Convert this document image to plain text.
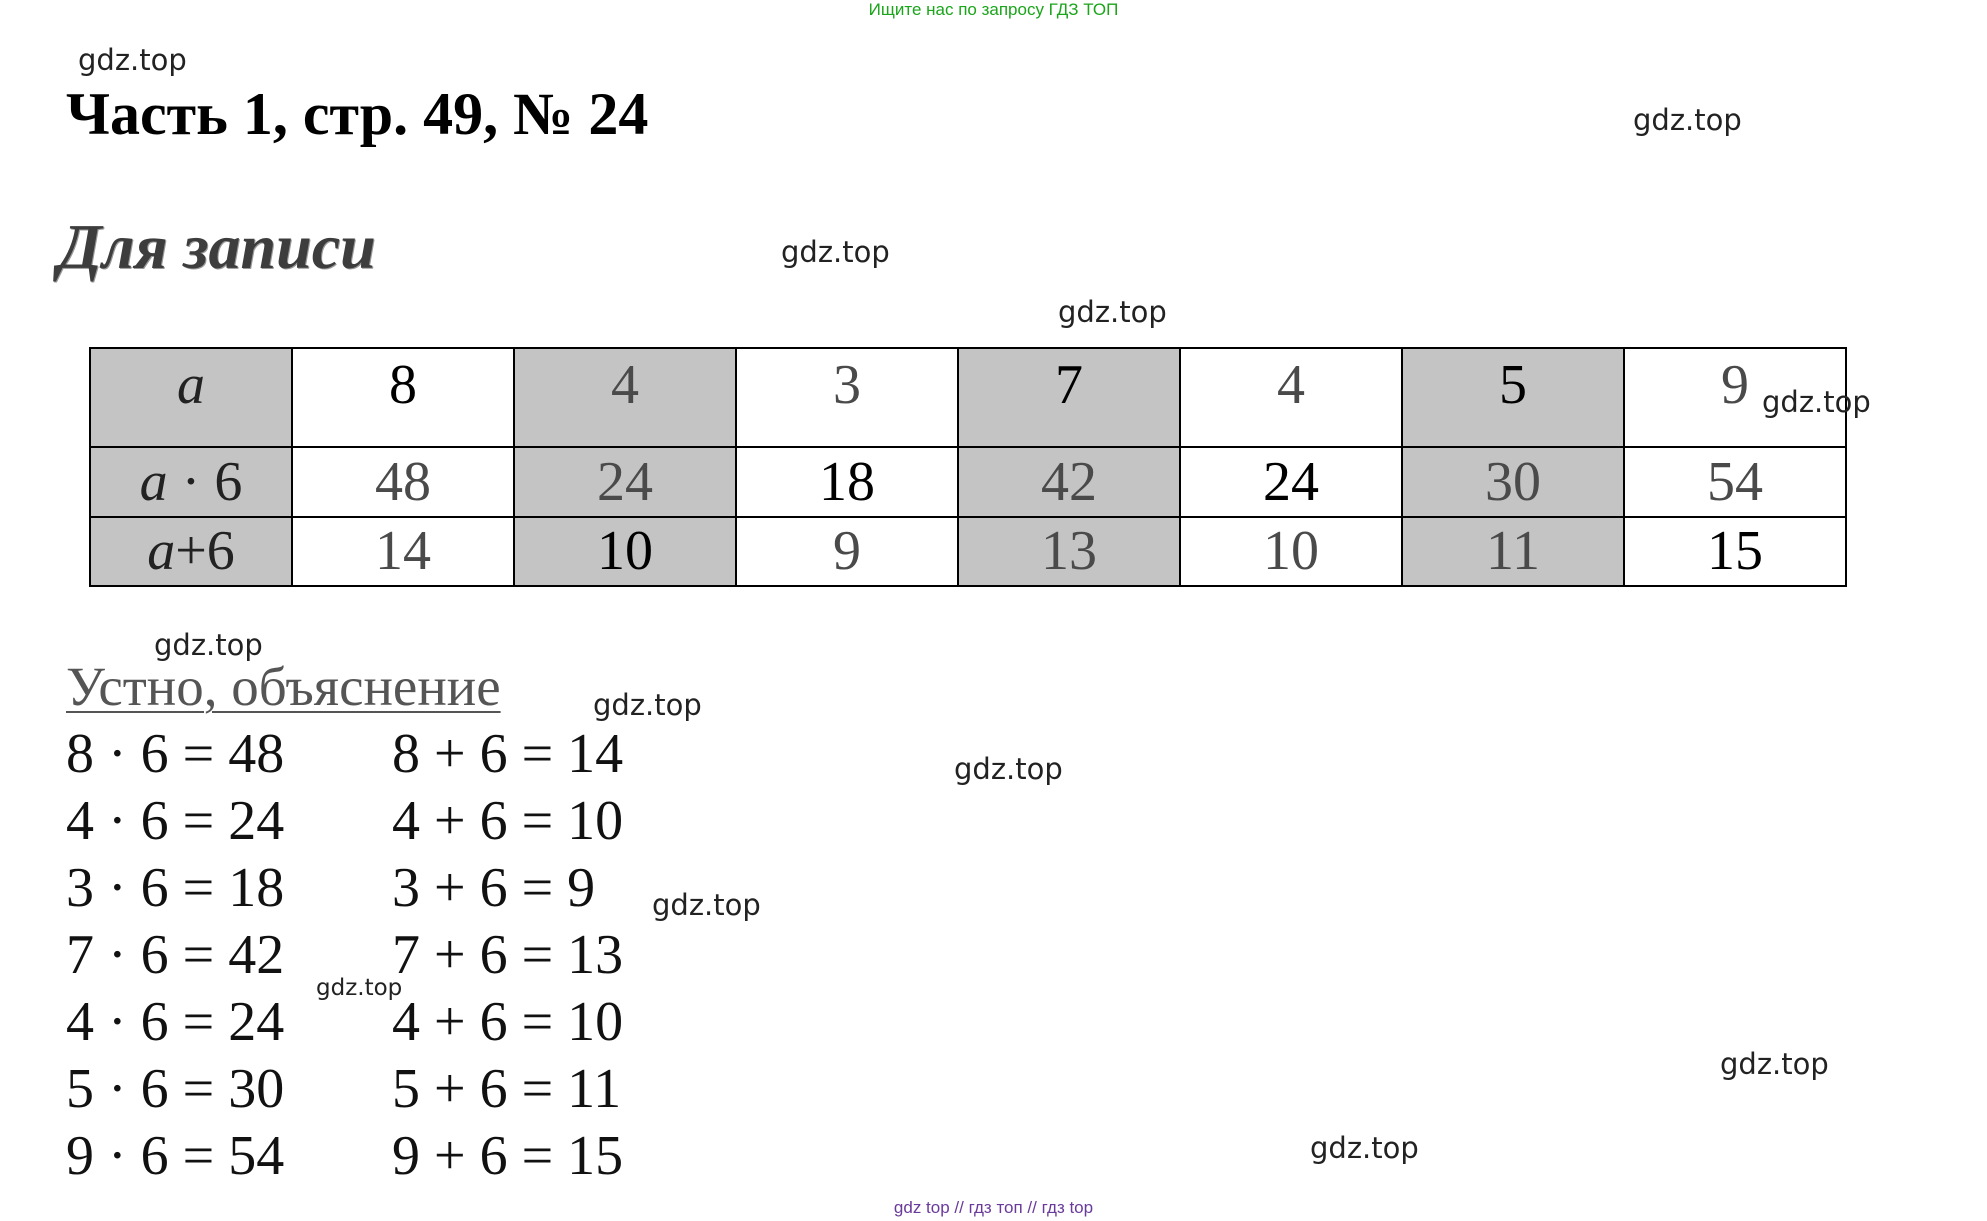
Ищите нас по запросу ГДЗ ТОП
gdz.top
gdz.top
gdz.top
gdz.top
Часть 1, стр. 49, № 24
Для записи
a	8	4	3	7	4	5	9
a · 6	48	24	18	42	24	30	54
a+6	14	10	9	13	10	11	15
gdz.top
gdz.top
Устно, объяснение	gdz.top
gdz.top
gdz.top
gdz.top
gdz.top
gdz.top
8 · 6 = 48
4 · 6 = 24
3 · 6 = 18
7 · 6 = 42
4 · 6 = 24
5 · 6 = 30
9 · 6 = 54
8 + 6 = 14
4 + 6 = 10
3 + 6 = 9
7 + 6 = 13
4 + 6 = 10
5 + 6 = 11
9 + 6 = 15
gdz top // гдз топ // гдз top
